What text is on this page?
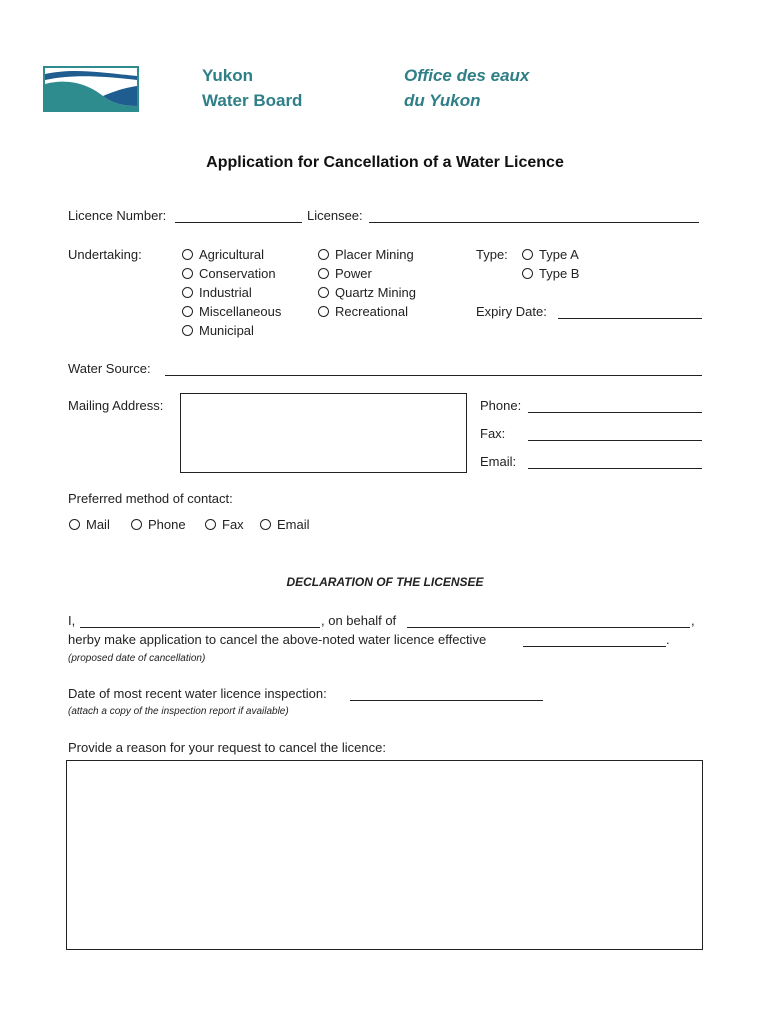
Yukon
Water Board
Office des eaux
du Yukon
Application for Cancellation of a Water Licence
Licence Number:	Licensee:
Undertaking:	Agricultural
Conservation
Industrial
Miscellaneous
Municipal
Placer Mining
Power
Quartz Mining
Recreational
Type: Type A
Type B
Expiry Date:
Water Source:
Mailing Address:	Phone:
Fax:
Email:
Preferred method of contact:
Mail	Phone	Fax	Email
DECLARATION OF THE LICENSEE
I,	, on behalf of	,
herby make application to cancel the above-noted water licence effective	.
(proposed date of cancellation)
Date of most recent water licence inspection:
(attach a copy of the inspection report if available)
Provide a reason for your request to cancel the licence:
